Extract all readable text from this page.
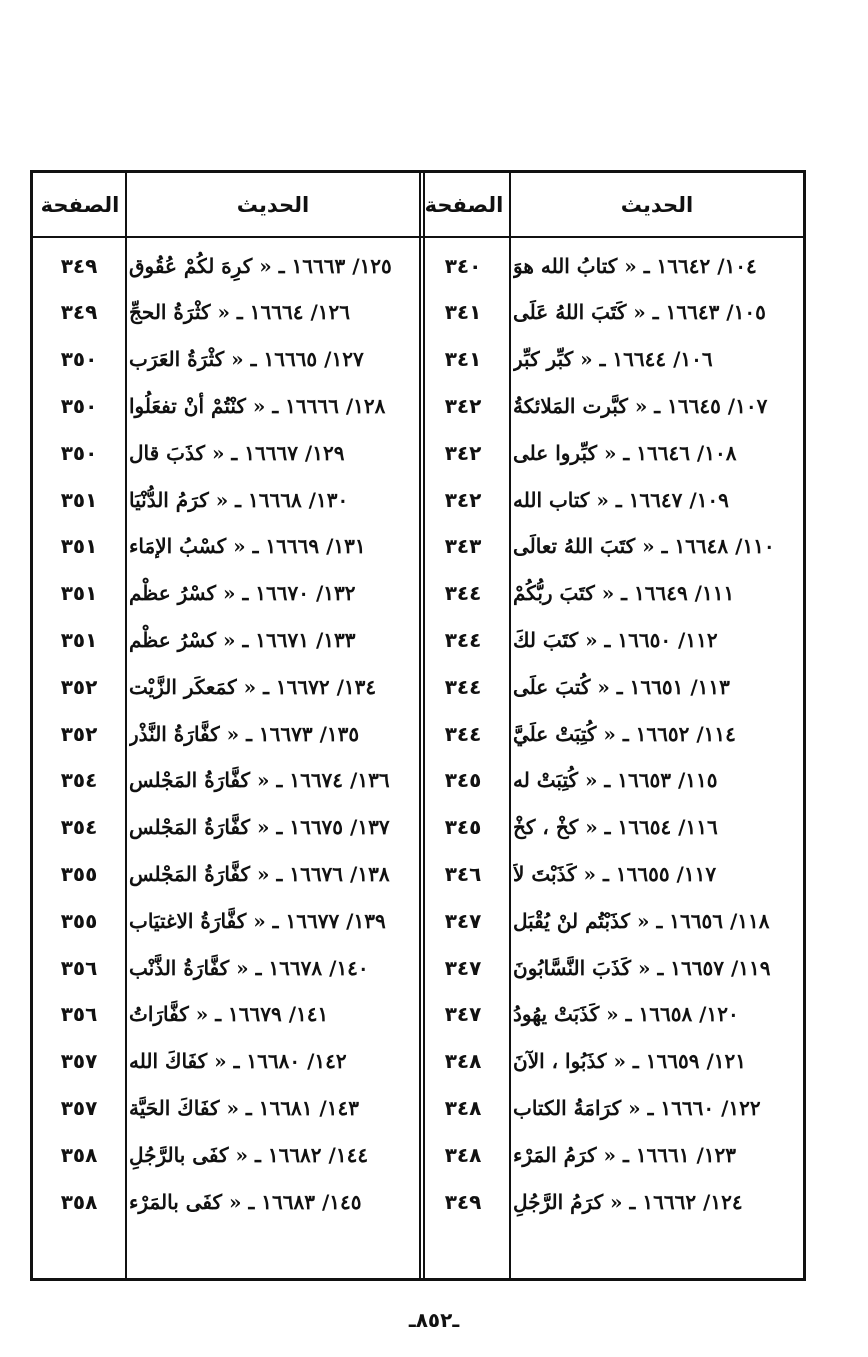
الحديث
الصفحة
١٠٤/ ١٦٦٤٢ ـ « كتابُ الله هوَ
٣٤٠
١٠٥/ ١٦٦٤٣ ـ « كَتَبَ اللهُ عَلَى
٣٤١
١٠٦/ ١٦٦٤٤ ـ « كبِّر كبِّر
٣٤١
١٠٧/ ١٦٦٤٥ ـ « كبَّرت المَلائكةُ
٣٤٢
١٠٨/ ١٦٦٤٦ ـ « كبِّروا على
٣٤٢
١٠٩/ ١٦٦٤٧ ـ « كتاب الله
٣٤٢
١١٠/ ١٦٦٤٨ ـ « كتَبَ اللهُ تعالَى
٣٤٣
١١١/ ١٦٦٤٩ ـ « كتَبَ ربُّكُمْ
٣٤٤
١١٢/ ١٦٦٥٠ ـ « كتَبَ لكَ
٣٤٤
١١٣/ ١٦٦٥١ ـ « كُتبَ علَى
٣٤٤
١١٤/ ١٦٦٥٢ ـ « كُتِبَتْ علَيَّ
٣٤٤
١١٥/ ١٦٦٥٣ ـ « كُتِبَتْ له
٣٤٥
١١٦/ ١٦٦٥٤ ـ « كخْ ، كخْ
٣٤٥
١١٧/ ١٦٦٥٥ ـ « كَذَبْتَ لاَ
٣٤٦
١١٨/ ١٦٦٥٦ ـ « كذَبْتُم لنْ يُقْبَل
٣٤٧
١١٩/ ١٦٦٥٧ ـ « كَذَبَ النَّسَّابُونَ
٣٤٧
١٢٠/ ١٦٦٥٨ ـ « كَذَبَتْ يهُودُ
٣٤٧
١٢١/ ١٦٦٥٩ ـ « كذَبُوا ، الآنَ
٣٤٨
١٢٢/ ١٦٦٦٠ ـ « كرَامَةُ الكتاب
٣٤٨
١٢٣/ ١٦٦٦١ ـ « كرَمُ المَرْء
٣٤٨
١٢٤/ ١٦٦٦٢ ـ « كرَمُ الرَّجُلِ
٣٤٩
الحديث
الصفحة
١٢٥/ ١٦٦٦٣ ـ « كرِهَ لكُمْ عُقُوق
٣٤٩
١٢٦/ ١٦٦٦٤ ـ « كثْرَةُ الحجِّ
٣٤٩
١٢٧/ ١٦٦٦٥ ـ « كثْرَةُ العَرَب
٣٥٠
١٢٨/ ١٦٦٦٦ ـ « كنْتُمْ أنْ تفعَلُوا
٣٥٠
١٢٩/ ١٦٦٦٧ ـ « كذَبَ قال
٣٥٠
١٣٠/ ١٦٦٦٨ ـ « كرَمُ الدُّنْيَا
٣٥١
١٣١/ ١٦٦٦٩ ـ « كسْبُ الإمَاء
٣٥١
١٣٢/ ١٦٦٧٠ ـ « كسْرُ عظْم
٣٥١
١٣٣/ ١٦٦٧١ ـ « كسْرُ عظْم
٣٥١
١٣٤/ ١٦٦٧٢ ـ « كمَعكَر الزَّيْت
٣٥٢
١٣٥/ ١٦٦٧٣ ـ « كفَّارَةُ النَّذْر
٣٥٢
١٣٦/ ١٦٦٧٤ ـ « كفَّارَةُ المَجْلس
٣٥٤
١٣٧/ ١٦٦٧٥ ـ « كفَّارَةُ المَجْلس
٣٥٤
١٣٨/ ١٦٦٧٦ ـ « كفَّارَةُ المَجْلس
٣٥٥
١٣٩/ ١٦٦٧٧ ـ « كفَّارَةُ الاغتيَاب
٣٥٥
١٤٠/ ١٦٦٧٨ ـ « كفَّارَةُ الذَّنْب
٣٥٦
١٤١/ ١٦٦٧٩ ـ « كفَّارَاتُ
٣٥٦
١٤٢/ ١٦٦٨٠ ـ « كفَاكَ الله
٣٥٧
١٤٣/ ١٦٦٨١ ـ « كفَاكَ الحَيَّة
٣٥٧
١٤٤/ ١٦٦٨٢ ـ « كفَى بالرَّجُلِ
٣٥٨
١٤٥/ ١٦٦٨٣ ـ « كفَى بالمَرْء
٣٥٨
ـ٨٥٢ـ
